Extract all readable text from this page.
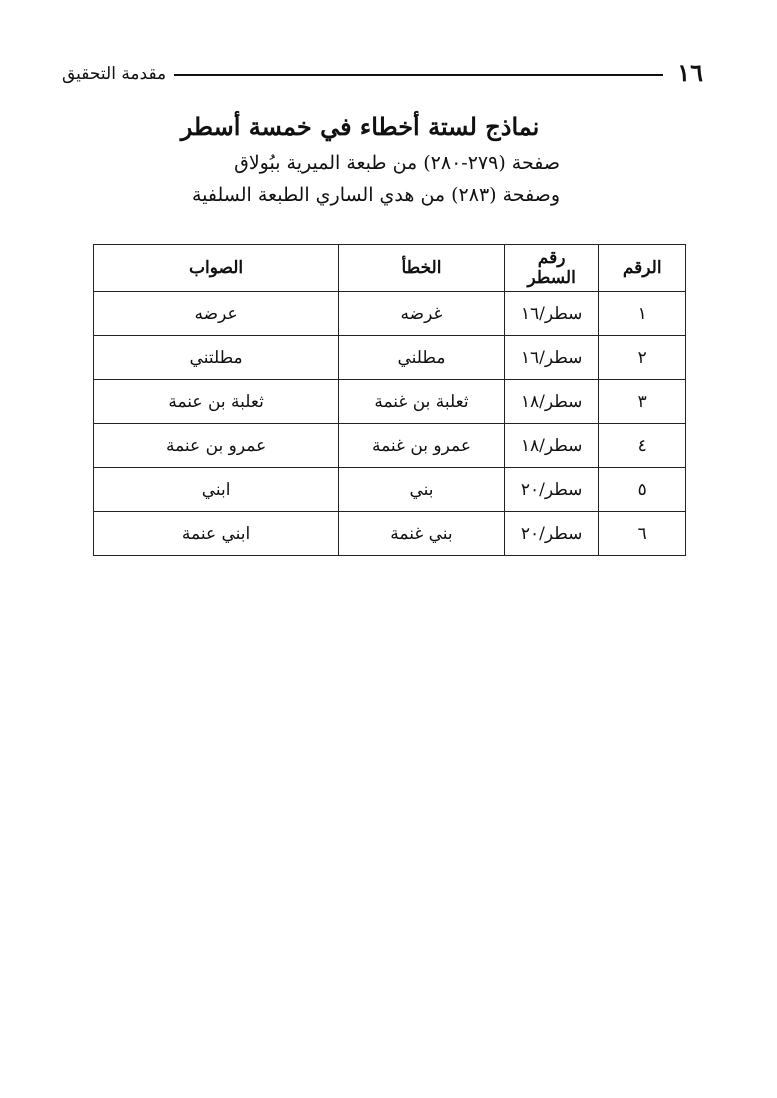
١٦
مقدمة التحقيق
نماذج لستة أخطاء في خمسة أسطر
صفحة (٢٧٩-٢٨٠) من طبعة الميرية ببُولاق
وصفحة (٢٨٣) من هدي الساري الطبعة السلفية
الرقم	رقم السطر	الخطأ	الصواب
١	سطر/١٦	غرضه	عرضه
٢	سطر/١٦	مطلني	مطلتني
٣	سطر/١٨	ثعلبة بن غنمة	ثعلبة بن عنمة
٤	سطر/١٨	عمرو بن غنمة	عمرو بن عنمة
٥	سطر/٢٠	بني	ابني
٦	سطر/٢٠	بني غنمة	ابني عنمة
